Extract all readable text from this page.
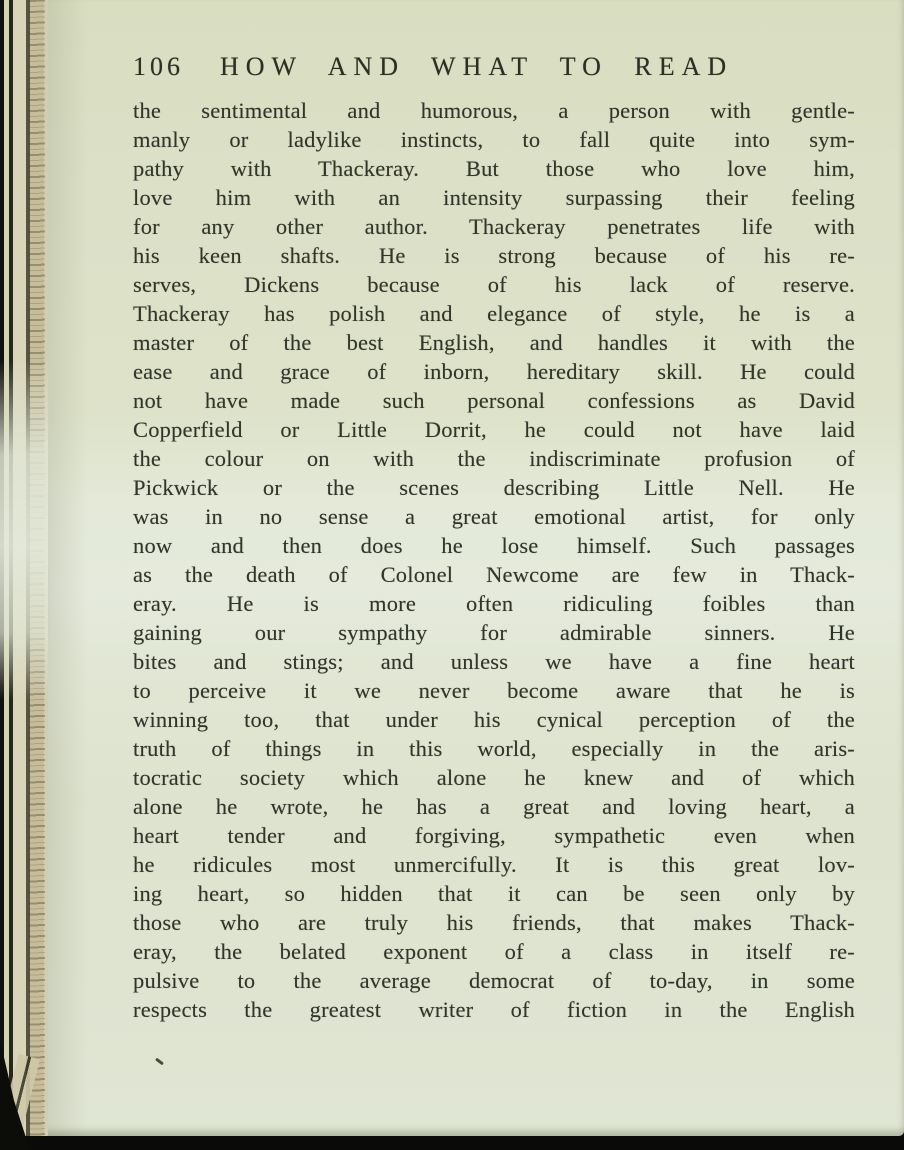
106 HOW AND WHAT TO READ
the sentimental and humorous, a person with gentle-
manly or ladylike instincts, to fall quite into sym-
pathy with Thackeray. But those who love him,
love him with an intensity surpassing their feeling
for any other author. Thackeray penetrates life with
his keen shafts. He is strong because of his re-
serves, Dickens because of his lack of reserve.
Thackeray has polish and elegance of style, he is a
master of the best English, and handles it with the
ease and grace of inborn, hereditary skill. He could
not have made such personal confessions as David
Copperfield or Little Dorrit, he could not have laid
the colour on with the indiscriminate profusion of
Pickwick or the scenes describing Little Nell. He
was in no sense a great emotional artist, for only
now and then does he lose himself. Such passages
as the death of Colonel Newcome are few in Thack-
eray. He is more often ridiculing foibles than
gaining our sympathy for admirable sinners. He
bites and stings; and unless we have a fine heart
to perceive it we never become aware that he is
winning too, that under his cynical perception of the
truth of things in this world, especially in the aris-
tocratic society which alone he knew and of which
alone he wrote, he has a great and loving heart, a
heart tender and forgiving, sympathetic even when
he ridicules most unmercifully. It is this great lov-
ing heart, so hidden that it can be seen only by
those who are truly his friends, that makes Thack-
eray, the belated exponent of a class in itself re-
pulsive to the average democrat of to-day, in some
respects the greatest writer of fiction in the English
